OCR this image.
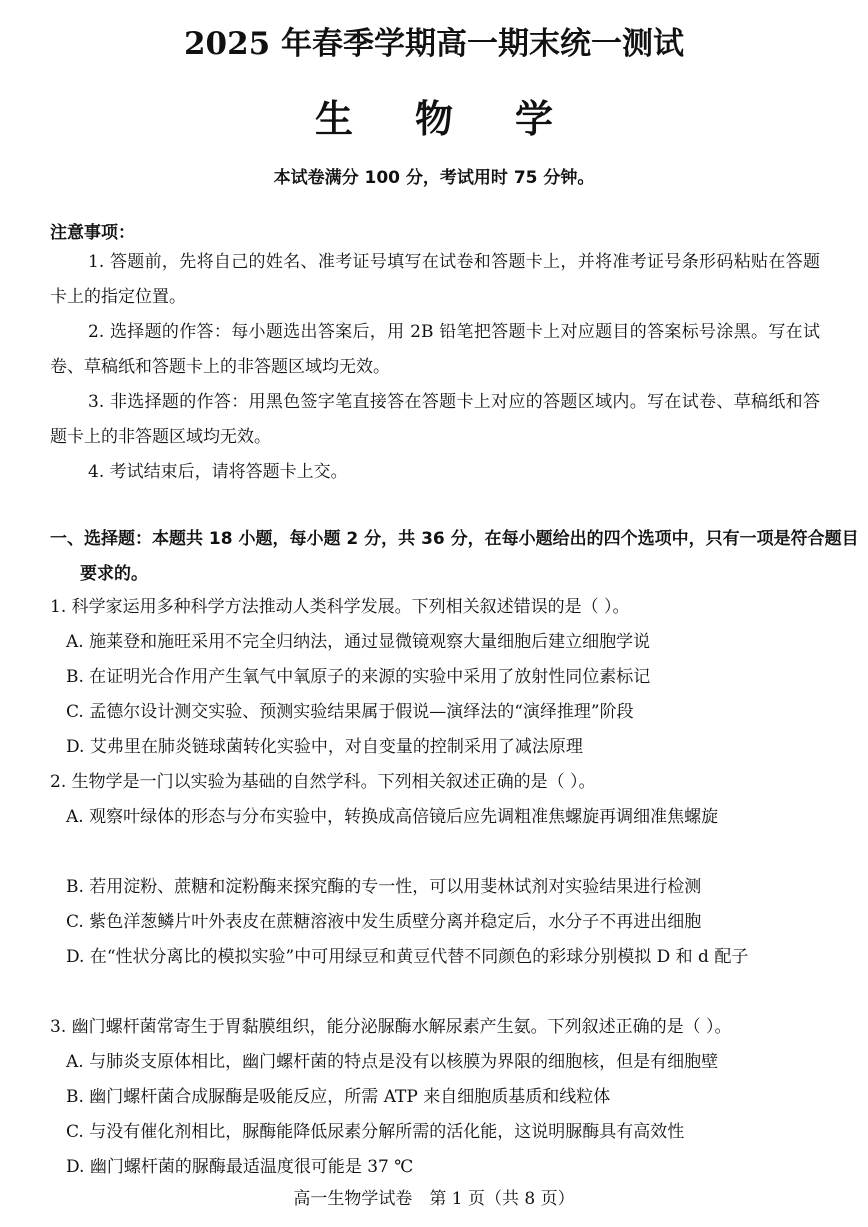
2025 年春季学期高一期末统一测试
生物学
本试卷满分 100 分，考试用时 75 分钟。
注意事项：

1. 答题前，先将自己的姓名、准考证号填写在试卷和答题卡上，并将准考证号条形码粘贴在答题卡上的指定位置。

2. 选择题的作答：每小题选出答案后，用 2B 铅笔把答题卡上对应题目的答案标号涂黑。写在试卷、草稿纸和答题卡上的非答题区域均无效。

3. 非选择题的作答：用黑色签字笔直接答在答题卡上对应的答题区域内。写在试卷、草稿纸和答题卡上的非答题区域均无效。

4. 考试结束后，请将答题卡上交。

一、选择题：本题共 18 小题，每小题 2 分，共 36 分，在每小题给出的四个选项中，只有一项是符合题目要求的。
1. 科学家运用多种科学方法推动人类科学发展。下列相关叙述错误的是（ ）。
A. 施莱登和施旺采用不完全归纳法，通过显微镜观察大量细胞后建立细胞学说
B. 在证明光合作用产生氧气中氧原子的来源的实验中采用了放射性同位素标记
C. 孟德尔设计测交实验、预测实验结果属于假说—演绎法的“演绎推理”阶段
D. 艾弗里在肺炎链球菌转化实验中，对自变量的控制采用了减法原理
2. 生物学是一门以实验为基础的自然学科。下列相关叙述正确的是（ ）。
A. 观察叶绿体的形态与分布实验中，转换成高倍镜后应先调粗准焦螺旋再调细准焦螺旋
B. 若用淀粉、蔗糖和淀粉酶来探究酶的专一性，可以用斐林试剂对实验结果进行检测
C. 紫色洋葱鳞片叶外表皮在蔗糖溶液中发生质壁分离并稳定后，水分子不再进出细胞
D. 在“性状分离比的模拟实验”中可用绿豆和黄豆代替不同颜色的彩球分别模拟 D 和 d 配子
3. 幽门螺杆菌常寄生于胃黏膜组织，能分泌脲酶水解尿素产生氨。下列叙述正确的是（ ）。
A. 与肺炎支原体相比，幽门螺杆菌的特点是没有以核膜为界限的细胞核，但是有细胞壁
B. 幽门螺杆菌合成脲酶是吸能反应，所需 ATP 来自细胞质基质和线粒体
C. 与没有催化剂相比，脲酶能降低尿素分解所需的活化能，这说明脲酶具有高效性
D. 幽门螺杆菌的脲酶最适温度很可能是 37 ℃
高一生物学试卷　第 1 页（共 8 页）
